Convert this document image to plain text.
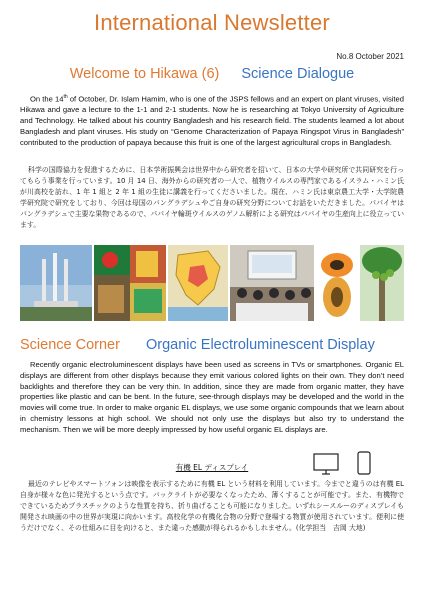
International Newsletter
No.8 October 2021
Welcome to Hikawa (6) Science Dialogue
On the 14th of October, Dr. Islam Hamim, who is one of the JSPS fellows and an expert on plant viruses, visited Hikawa and gave a lecture to the 1-1 and 2-1 students. Now he is researching at Tokyo University of Agriculture and Technology. He talked about his country Bangladesh and his research field. The students learned a lot about Bangladesh and plant viruses. His study on “Genome Characterization of Papaya Ringspot Virus in Bangladesh” contributed to the production of papaya because this fruit is one of the largest agricultural crops in Bangladesh.
科学の国際協力を促進するために、日本学術振興会は世界中から研究者を招いて、日本の大学や研究所で共同研究を行ってもらう事業を行っています。10 月 14 日、海外からの研究者の一人で、植物ウイルスの専門家であるイスラム・ハミン氏が川高校を訪れ、1 年 1 組と 2 年 1 組の生徒に講義を行ってくださいました。現在、ハミン氏は東京農工大学・大学院農学研究院で研究をしており、今回は母国のバングラデシュやご自身の研究分野についてお話をいただきました。パパイヤはバングラデシュで主要な果物であるので、パパイヤ輪斑ウイルスのゲノム解析による研究はパパイヤの生産向上に役立っています。
Science Corner Organic Electroluminescent Display
Recently organic electroluminescent displays have been used as screens in TVs or smartphones. Organic EL displays are different from other displays because they emit various colored lights on their own. They don’t need backlights and therefore they can be very thin. In addition, since they are made from organic matter, they have properties like plastic and can be bent. In the future, see-through displays may be developed and the world in the movies will come true. In order to make organic EL displays, we use some organic compounds that we learn about in chemistry lessons at high school. We should not only use the displays but also try to understand the mechanism. Then we will be more deeply impressed by how useful organic EL displays are.
有機 EL ディスプレイ
最近のテレビやスマートフォンは映像を表示するために有機 EL という材料を利用しています。今までと違うのは有機 EL 自身が様々な色に発光するという点です。バックライトが必要なくなったため、薄くすることが可能です。また、有機物でできているためプラスチックのような性質を持ち、折り曲げることも可能になりました。いずれシースルーのディスプレイも開発され映画の中の世界が実現に向かいます。高校化学の有機化合物の分野で登場する物質が使用されています。便利に使うだけでなく、その仕組みに目を向けると、また違った感動が得られるかもしれません。(化学担当　吉岡 大地)
